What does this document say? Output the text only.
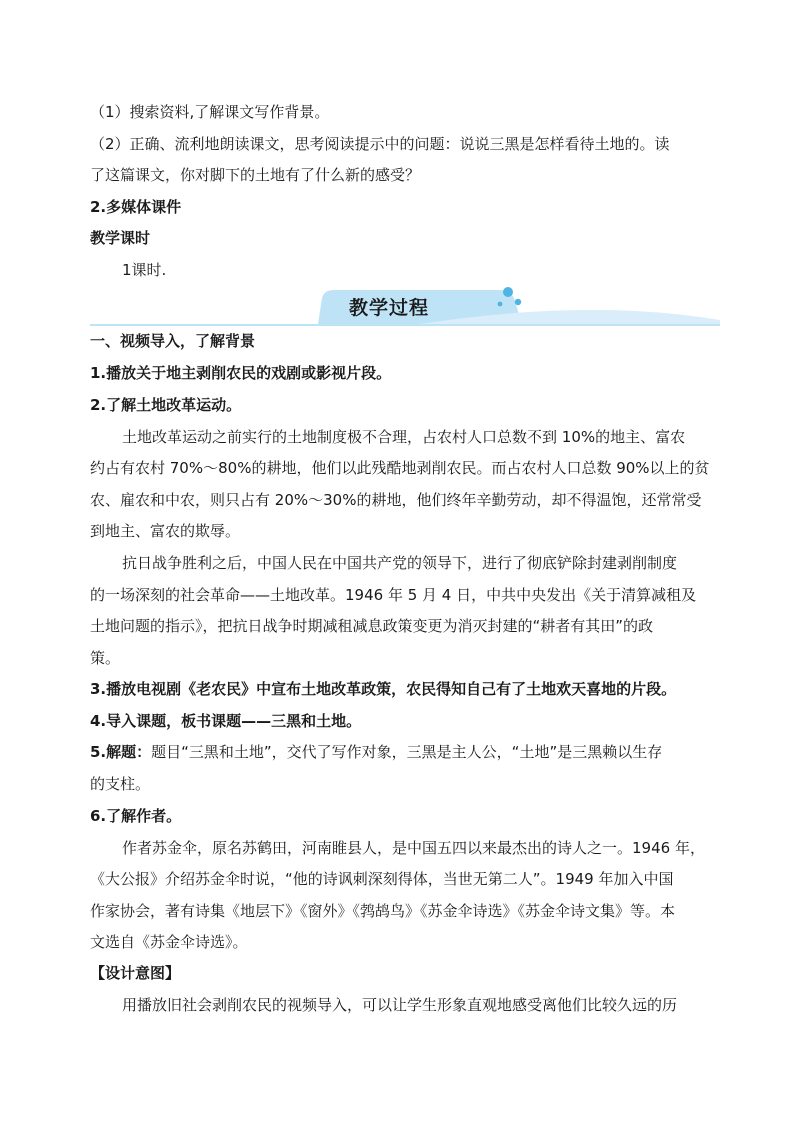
（1）搜索资料,了解课文写作背景。
（2）正确、流利地朗读课文，思考阅读提示中的问题：说说三黑是怎样看待土地的。读
了这篇课文，你对脚下的土地有了什么新的感受？
2.多媒体课件
教学课时
1课时.
教学过程
一、视频导入，了解背景
1.播放关于地主剥削农民的戏剧或影视片段。
2.了解土地改革运动。
土地改革运动之前实行的土地制度极不合理，占农村人口总数不到 10%的地主、富农
约占有农村 70%～80%的耕地，他们以此残酷地剥削农民。而占农村人口总数 90%以上的贫
农、雇农和中农，则只占有 20%～30%的耕地，他们终年辛勤劳动，却不得温饱，还常常受
到地主、富农的欺辱。
抗日战争胜利之后，中国人民在中国共产党的领导下，进行了彻底铲除封建剥削制度
的一场深刻的社会革命——土地改革。1946 年 5 月 4 日，中共中央发出《关于清算减租及
土地问题的指示》，把抗日战争时期减租减息政策变更为消灭封建的“耕者有其田”的政
策。
3.播放电视剧《老农民》中宣布土地改革政策，农民得知自己有了土地欢天喜地的片段。
4.导入课题，板书课题——三黑和土地。
5.解题：题目“三黑和土地”，交代了写作对象，三黑是主人公，“土地”是三黑赖以生存
的支柱。
6.了解作者。
作者苏金伞，原名苏鹤田，河南睢县人，是中国五四以来最杰出的诗人之一。1946 年，
《大公报》介绍苏金伞时说，“他的诗讽刺深刻得体，当世无第二人”。1949 年加入中国
作家协会，著有诗集《地层下》《窗外》《鹁鸪鸟》《苏金伞诗选》《苏金伞诗文集》等。本
文选自《苏金伞诗选》。
【设计意图】
用播放旧社会剥削农民的视频导入，可以让学生形象直观地感受离他们比较久远的历
